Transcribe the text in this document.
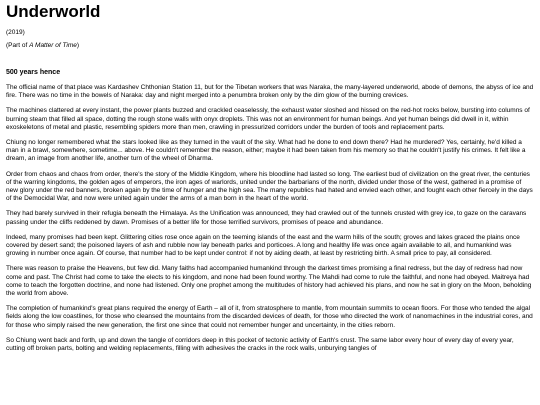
Underworld
(2019)
(Part of A Matter of Time)
500 years hence

The official name of that place was Kardashev Chthonian Station 11, but for the Tibetan workers that was Naraka, the many-layered underworld, abode of demons, the abyss of ice and fire. There was no time in the bowels of Naraka: day and night merged into a penumbra broken only by the dim glow of the burning crevices.

The machines clattered at every instant, the power plants buzzed and crackled ceaselessly, the exhaust water sloshed and hissed on the red-hot rocks below, bursting into columns of burning steam that filled all space, dotting the rough stone walls with onyx droplets. This was not an environment for human beings. And yet human beings did dwell in it, within exoskeletons of metal and plastic, resembling spiders more than men, crawling in pressurized corridors under the burden of tools and replacement parts.

Chiung no longer remembered what the stars looked like as they turned in the vault of the sky. What had he done to end down there? Had he murdered? Yes, certainly, he'd killed a man in a brawl, somewhere, sometime... above. He couldn't remember the reason, either; maybe it had been taken from his memory so that he couldn't justify his crimes. It felt like a dream, an image from another life, another turn of the wheel of Dharma.

Order from chaos and chaos from order, there's the story of the Middle Kingdom, where his bloodline had lasted so long. The earliest bud of civilization on the great river, the centuries of the warring kingdoms, the golden ages of emperors, the iron ages of warlords, united under the barbarians of the north, divided under those of the west, gathered in a promise of new glory under the red banners, broken again by the time of hunger and the high sea. The many republics had hated and envied each other, and fought each other fiercely in the days of the Democidal War, and now were united again under the arms of a man born in the heart of the world.

They had barely survived in their refugia beneath the Himalaya. As the Unification was announced, they had crawled out of the tunnels crusted with grey ice, to gaze on the caravans passing under the cliffs reddened by dawn. Promises of a better life for those terrified survivors, promises of peace and abundance.

Indeed, many promises had been kept. Glittering cities rose once again on the teeming islands of the east and the warm hills of the south; groves and lakes graced the plains once covered by desert sand; the poisoned layers of ash and rubble now lay beneath parks and porticoes. A long and healthy life was once again available to all, and humankind was growing in number once again. Of course, that number had to be kept under control: if not by aiding death, at least by restricting birth. A small price to pay, all considered.

There was reason to praise the Heavens, but few did. Many faiths had accompanied humankind through the darkest times promising a final redress, but the day of redress had now come and past. The Christ had come to take the elects to his kingdom, and none had been found worthy. The Mahdi had come to rule the faithful, and none had obeyed. Maitreya had come to teach the forgotten doctrine, and none had listened. Only one prophet among the multitudes of history had achieved his plans, and now he sat in glory on the Moon, beholding the world from above.

The completion of humankind's great plans required the energy of Earth – all of it, from stratosphere to mantle, from mountain summits to ocean floors. For those who tended the algal fields along the low coastlines, for those who cleansed the mountains from the discarded devices of death, for those who directed the work of nanomachines in the industrial cores, and for those who simply raised the new generation, the first one since that could not remember hunger and uncertainty, in the cities reborn.

So Chiung went back and forth, up and down the tangle of corridors deep in this pocket of tectonic activity of Earth's crust. The same labor every hour of every day of every year, cutting off broken parts, bolting and welding replacements, filling with adhesives the cracks in the rock walls, unburying tangles of
